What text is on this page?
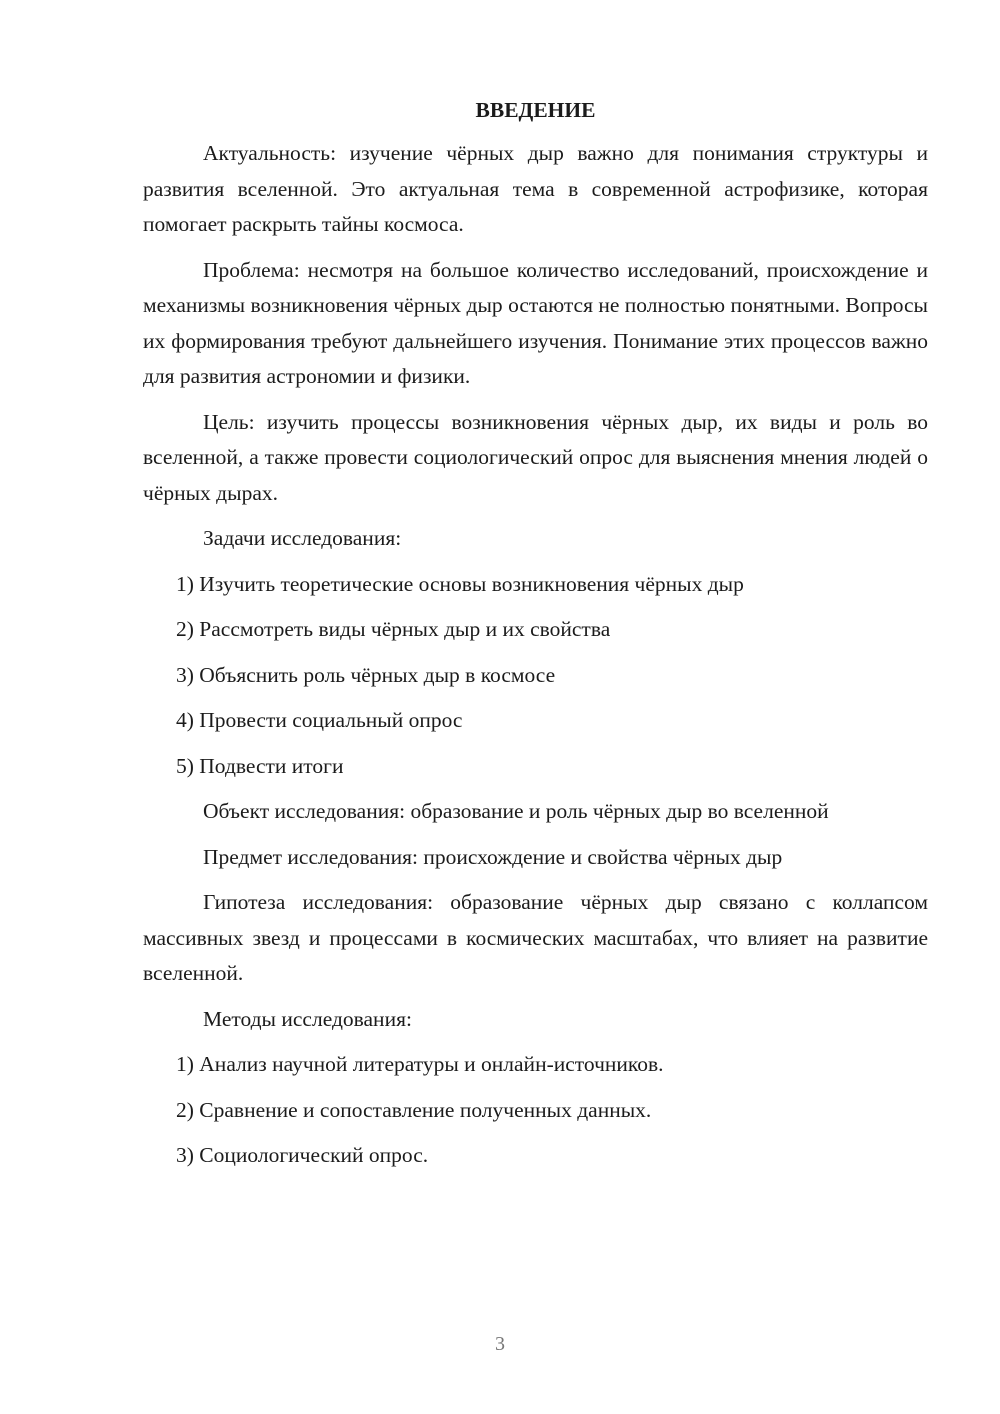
ВВЕДЕНИЕ

Актуальность: изучение чёрных дыр важно для понимания структуры и развития вселенной. Это актуальная тема в современной астрофизике, которая помогает раскрыть тайны космоса.

Проблема: несмотря на большое количество исследований, происхождение и механизмы возникновения чёрных дыр остаются не полностью понятными. Вопросы их формирования требуют дальнейшего изучения. Понимание этих процессов важно для развития астрономии и физики.

Цель: изучить процессы возникновения чёрных дыр, их виды и роль во вселенной, а также провести социологический опрос для выяснения мнения людей о чёрных дырах.

Задачи исследования:

1) Изучить теоретические основы возникновения чёрных дыр

2) Рассмотреть виды чёрных дыр и их свойства

3) Объяснить роль чёрных дыр в космосе

4) Провести социальный опрос

5) Подвести итоги

Объект исследования: образование и роль чёрных дыр во вселенной

Предмет исследования: происхождение и свойства чёрных дыр

Гипотеза исследования: образование чёрных дыр связано с коллапсом массивных звезд и процессами в космических масштабах, что влияет на развитие вселенной.

Методы исследования:

1) Анализ научной литературы и онлайн-источников.

2) Сравнение и сопоставление полученных данных.

3) Социологический опрос.

3
